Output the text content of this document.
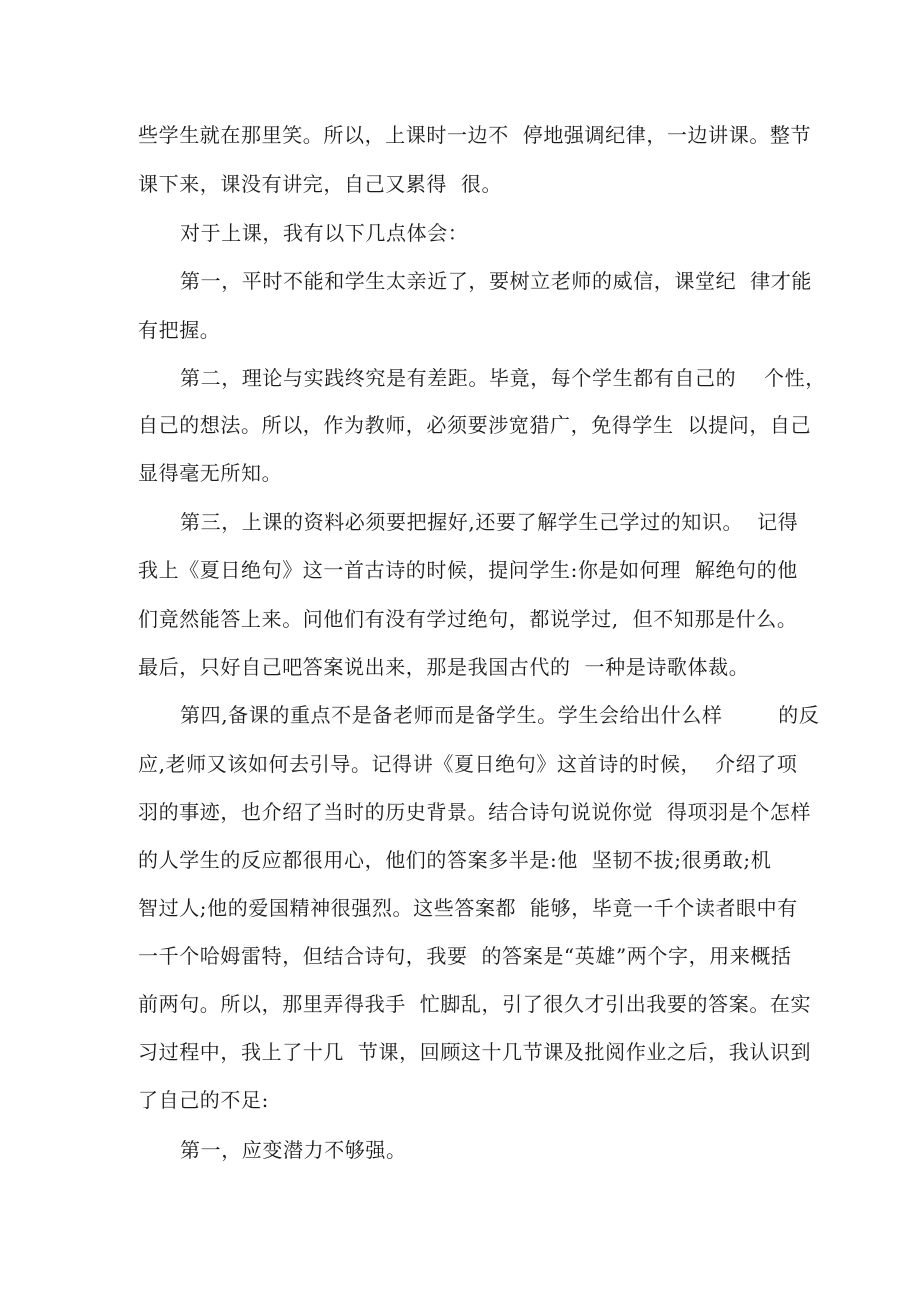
些学生就在那里笑。所以，上课时一边不  停地强调纪律，一边讲课。整节
课下来，课没有讲完，自己又累得  很。
对于上课，我有以下几点体会：
第一，平时不能和学生太亲近了，要树立老师的威信，课堂纪  律才能
有把握。
第二，理论与实践终究是有差距。毕竟，每个学生都有自己的    个性，
自己的想法。所以，作为教师，必须要涉宽猎广，免得学生  以提问，自己
显得毫无所知。
第三，上课的资料必须要把握好,还要了解学生己学过的知识。  记得
我上《夏日绝句》这一首古诗的时候，提问学生:你是如何理  解绝句的他
们竟然能答上来。问他们有没有学过绝句，都说学过,  但不知那是什么。
最后，只好自己吧答案说出来，那是我国古代的  一种是诗歌体裁。
第四,备课的重点不是备老师而是备学生。学生会给出什么样        的反
应,老师又该如何去引导。记得讲《夏日绝句》这首诗的时候，  介绍了项
羽的事迹，也介绍了当时的历史背景。结合诗句说说你觉  得项羽是个怎样
的人学生的反应都很用心，他们的答案多半是:他  坚韧不拔;很勇敢;机
智过人;他的爱国精神很强烈。这些答案都  能够，毕竟一千个读者眼中有
一千个哈姆雷特，但结合诗句，我要  的答案是“英雄”两个字，用来概括
前两句。所以，那里弄得我手  忙脚乱，引了很久才引出我要的答案。在实
习过程中，我上了十几  节课，回顾这十几节课及批阅作业之后，我认识到
了自己的不足:
第一，应变潜力不够强。
